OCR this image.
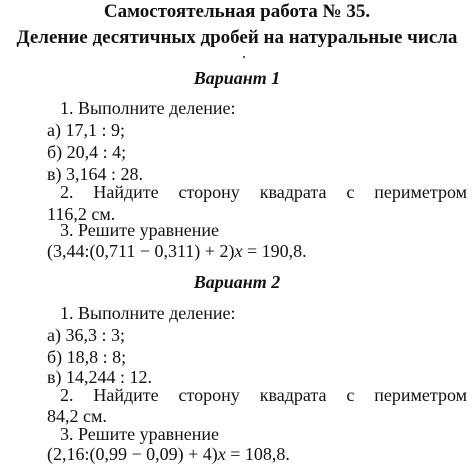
Самостоятельная работа № 35.
Деление десятичных дробей на натуральные числа
Вариант 1
1. Выполните деление:
а) 17,1 : 9;
б) 20,4 : 4;
в) 3,164 : 28.
2. Найдите сторону квадрата с периметром
116,2 см.
3. Решите уравнение
(3,44:(0,711 − 0,311) + 2)x = 190,8.
Вариант 2
1. Выполните деление:
а) 36,3 : 3;
б) 18,8 : 8;
в) 14,244 : 12.
2. Найдите сторону квадрата с периметром
84,2 см.
3. Решите уравнение
(2,16:(0,99 − 0,09) + 4)x = 108,8.
